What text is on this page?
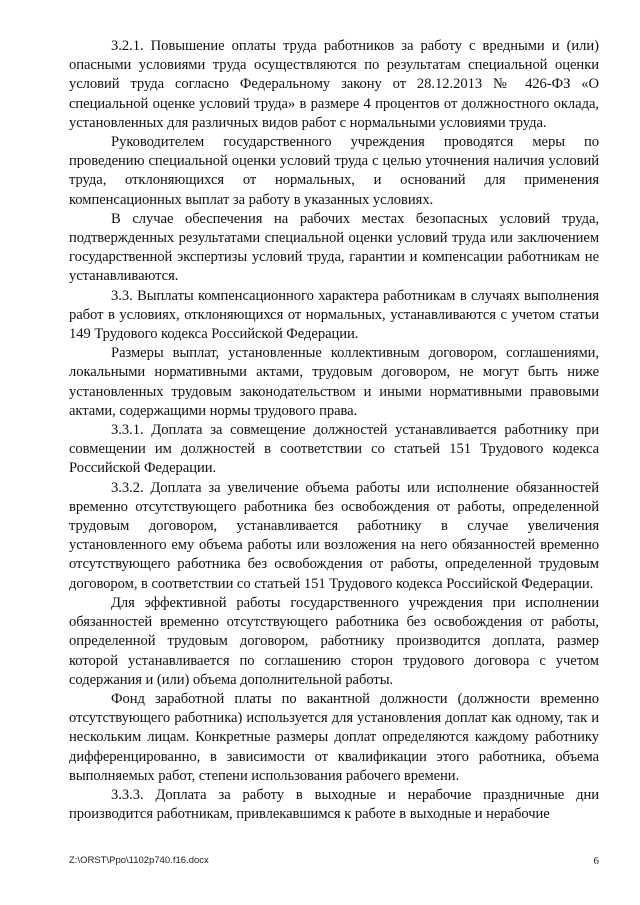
3.2.1. Повышение оплаты труда работников за работу с вредными и (или) опасными условиями труда осуществляются по результатам специальной оценки условий труда согласно Федеральному закону от 28.12.2013 № 426-ФЗ «О специальной оценке условий труда» в размере 4 процентов от должностного оклада, установленных для различных видов работ с нормальными условиями труда.

Руководителем государственного учреждения проводятся меры по проведению специальной оценки условий труда с целью уточнения наличия условий труда, отклоняющихся от нормальных, и оснований для применения компенсационных выплат за работу в указанных условиях.

В случае обеспечения на рабочих местах безопасных условий труда, подтвержденных результатами специальной оценки условий труда или заключением государственной экспертизы условий труда, гарантии и компенсации работникам не устанавливаются.

3.3. Выплаты компенсационного характера работникам в случаях выполнения работ в условиях, отклоняющихся от нормальных, устанавливаются с учетом статьи 149 Трудового кодекса Российской Федерации.

Размеры выплат, установленные коллективным договором, соглашениями, локальными нормативными актами, трудовым договором, не могут быть ниже установленных трудовым законодательством и иными нормативными правовыми актами, содержащими нормы трудового права.

3.3.1. Доплата за совмещение должностей устанавливается работнику при совмещении им должностей в соответствии со статьей 151 Трудового кодекса Российской Федерации.

3.3.2. Доплата за увеличение объема работы или исполнение обязанностей временно отсутствующего работника без освобождения от работы, определенной трудовым договором, устанавливается работнику в случае увеличения установленного ему объема работы или возложения на него обязанностей временно отсутствующего работника без освобождения от работы, определенной трудовым договором, в соответствии со статьей 151 Трудового кодекса Российской Федерации.

Для эффективной работы государственного учреждения при исполнении обязанностей временно отсутствующего работника без освобождения от работы, определенной трудовым договором, работнику производится доплата, размер которой устанавливается по соглашению сторон трудового договора с учетом содержания и (или) объема дополнительной работы.

Фонд заработной платы по вакантной должности (должности временно отсутствующего работника) используется для установления доплат как одному, так и нескольким лицам. Конкретные размеры доплат определяются каждому работнику дифференцированно, в зависимости от квалификации этого работника, объема выполняемых работ, степени использования рабочего времени.

3.3.3. Доплата за работу в выходные и нерабочие праздничные дни производится работникам, привлекавшимся к работе в выходные и нерабочие

Z:\ORST\Ppo\1102p740.f16.docx	6
